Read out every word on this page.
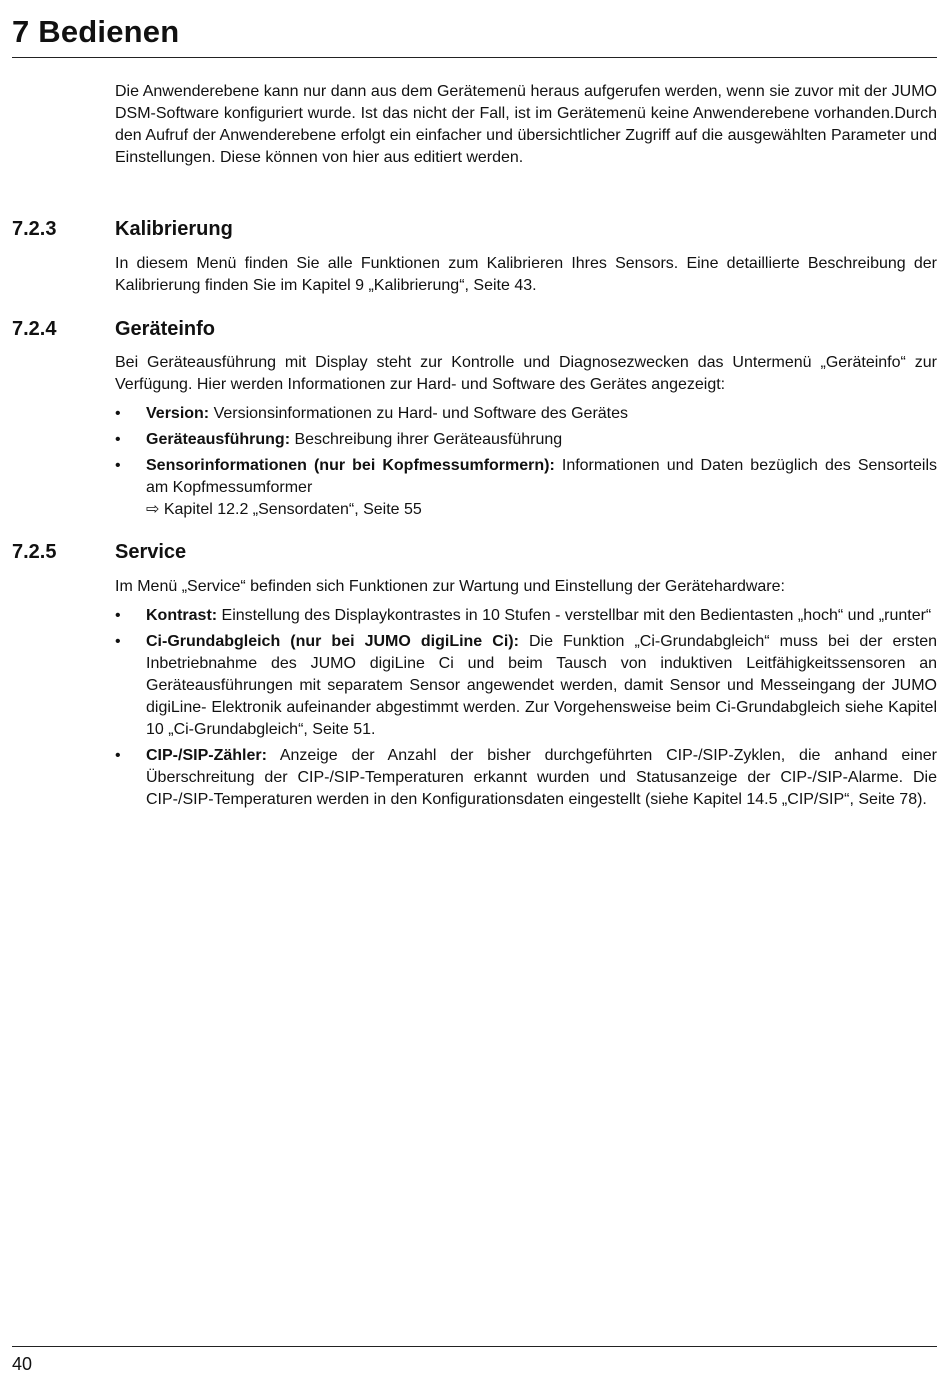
7 Bedienen

Die Anwenderebene kann nur dann aus dem Gerätemenü heraus aufgerufen werden, wenn sie zuvor mit der JUMO DSM-Software konfiguriert wurde. Ist das nicht der Fall, ist im Gerätemenü keine Anwenderebene vorhanden.Durch den Aufruf der Anwenderebene erfolgt ein einfacher und übersichtlicher Zugriff auf die ausgewählten Parameter und Einstellungen. Diese können von hier aus editiert werden.

7.2.3	Kalibrierung

In diesem Menü finden Sie alle Funktionen zum Kalibrieren Ihres Sensors. Eine detaillierte Beschreibung der Kalibrierung finden Sie im Kapitel 9 „Kalibrierung“, Seite 43.

7.2.4	Geräteinfo

Bei Geräteausführung mit Display steht zur Kontrolle und Diagnosezwecken das Untermenü „Geräteinfo“ zur Verfügung. Hier werden Informationen zur Hard- und Software des Gerätes angezeigt:

• Version: Versionsinformationen zu Hard- und Software des Gerätes
• Geräteausführung: Beschreibung ihrer Geräteausführung
• Sensorinformationen (nur bei Kopfmessumformern): Informationen und Daten bezüglich des Sensorteils am Kopfmessumformer
⇨ Kapitel 12.2 „Sensordaten“, Seite 55
7.2.5	Service

Im Menü „Service“ befinden sich Funktionen zur Wartung und Einstellung der Gerätehardware:

• Kontrast: Einstellung des Displaykontrastes in 10 Stufen - verstellbar mit den Bedientasten „hoch“ und „runter“
• Ci-Grundabgleich (nur bei JUMO digiLine Ci): Die Funktion „Ci-Grundabgleich“ muss bei der ersten Inbetriebnahme des JUMO digiLine Ci und beim Tausch von induktiven Leitfähigkeitssensoren an Geräteausführungen mit separatem Sensor angewendet werden, damit Sensor und Messeingang der JUMO digiLine- Elektronik aufeinander abgestimmt werden. Zur Vorgehensweise beim Ci-Grundabgleich siehe Kapitel 10 „Ci-Grundabgleich“, Seite 51.
• CIP-/SIP-Zähler: Anzeige der Anzahl der bisher durchgeführten CIP-/SIP-Zyklen, die anhand einer Überschreitung der CIP-/SIP-Temperaturen erkannt wurden und Statusanzeige der CIP-/SIP-Alarme. Die CIP-/SIP-Temperaturen werden in den Konfigurationsdaten eingestellt (siehe Kapitel 14.5 „CIP/SIP“, Seite 78).

40
